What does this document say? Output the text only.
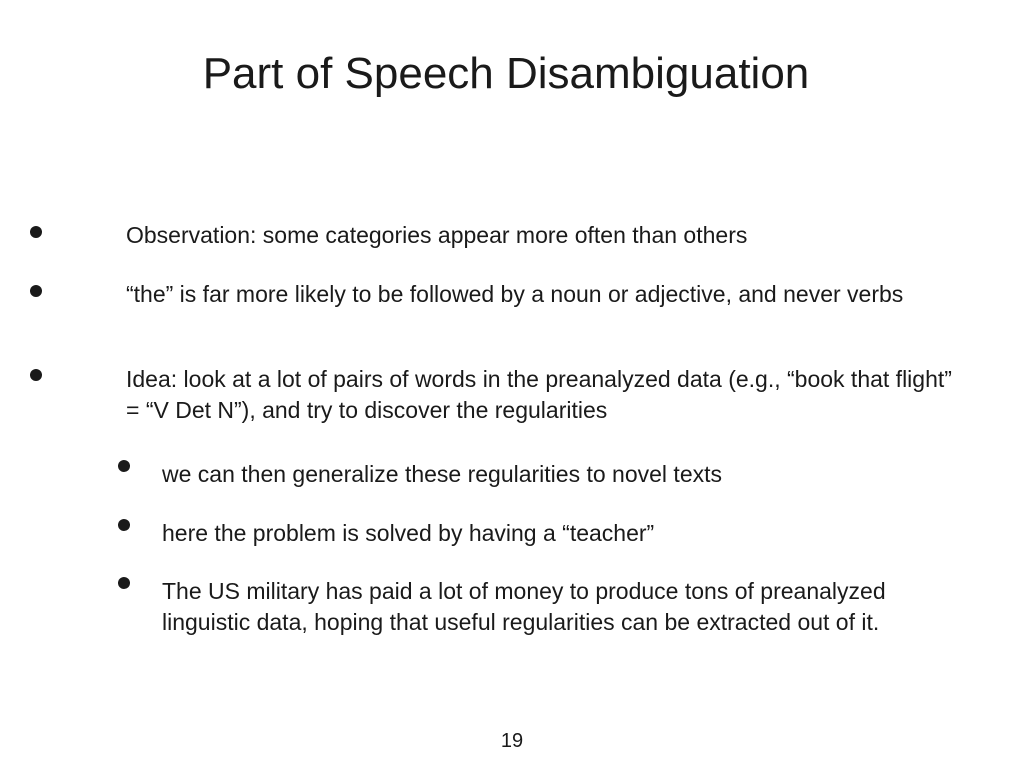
Part of Speech Disambiguation

Observation: some categories appear more often than others

“the” is far more likely to be followed by a noun or adjective, and never verbs

Idea: look at a lot of pairs of words in the preanalyzed data (e.g., “book that flight” = “V Det N”), and try to discover the regularities

we can then generalize these regularities to novel texts

here the problem is solved by having a “teacher”

The US military has paid a lot of money to produce tons of preanalyzed linguistic data, hoping that useful regularities can be extracted out of it.

19
